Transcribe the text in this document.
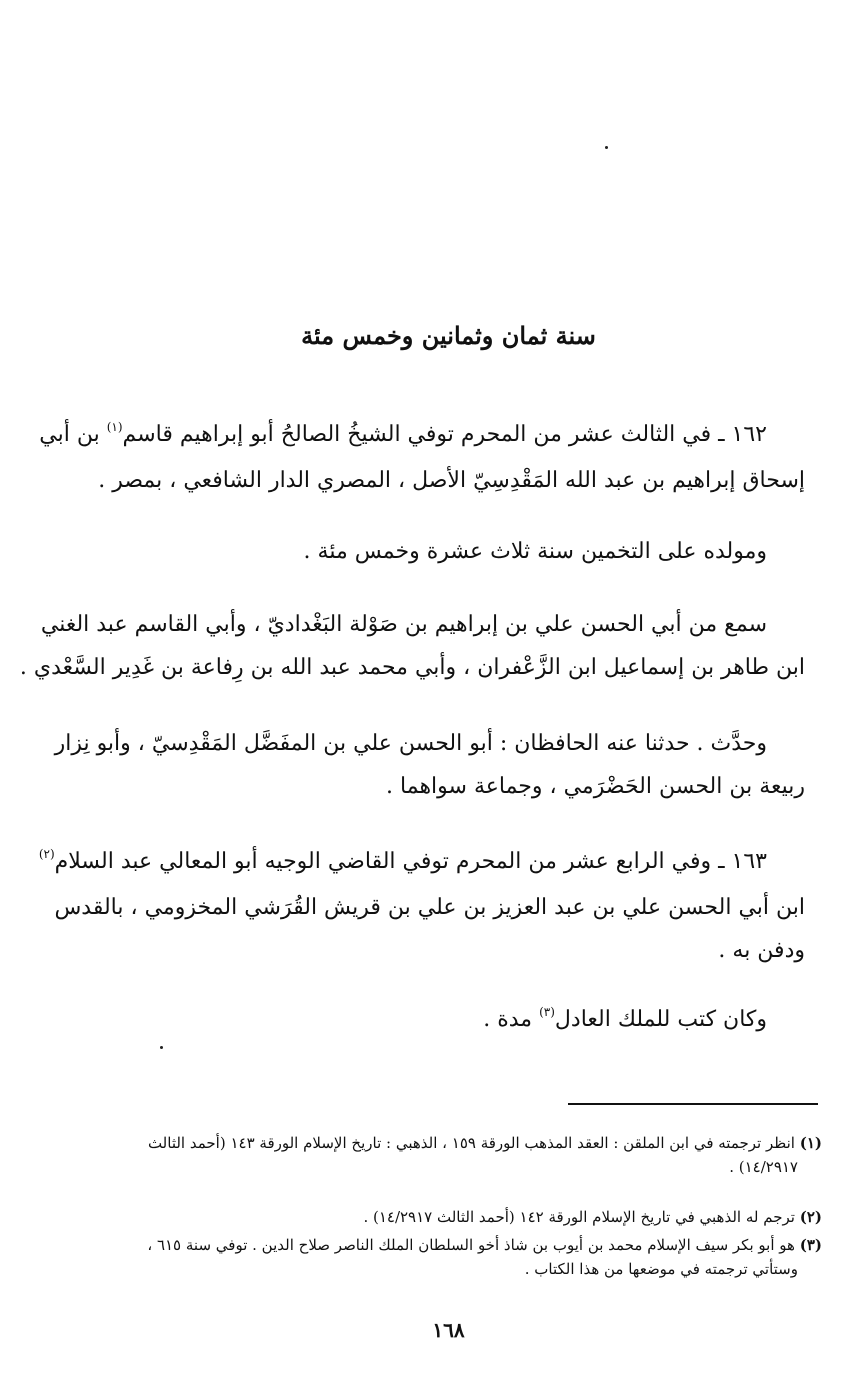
سنة ثمان وثمانين وخمس مئة
١٦٢ ـ في الثالث عشر من المحرم توفي الشيخُ الصالحُ أبو إبراهيم قاسم$^{(١)}$ بن أبي
إسحاق إبراهيم بن عبد الله المَقْدِسِيّ الأصل ، المصري الدار الشافعي ، بمصر .
ومولده على التخمين سنة ثلاث عشرة وخمس مئة .
سمع من أبي الحسن علي بن إبراهيم بن صَوْلة البَغْداديّ ، وأبي القاسم عبد الغني
ابن طاهر بن إسماعيل ابن الزَّعْفران ، وأبي محمد عبد الله بن رِفاعة بن غَدِير السَّعْدي .
وحدَّث . حدثنا عنه الحافظان : أبو الحسن علي بن المفَضَّل المَقْدِسيّ ، وأبو نِزار
ربيعة بن الحسن الحَضْرَمي ، وجماعة سواهما .
١٦٣ ـ وفي الرابع عشر من المحرم توفي القاضي الوجيه أبو المعالي عبد السلام$^{(٢)}$
ابن أبي الحسن علي بن عبد العزيز بن علي بن قريش القُرَشي المخزومي ، بالقدس
ودفن به .
وكان كتب للملك العادل$^{(٣)}$ مدة .
(١) انظر ترجمته في ابن الملقن : العقد المذهب الورقة ١٥٩ ، الذهبي : تاريخ الإسلام الورقة ١٤٣ (أحمد الثالث
١٤/٢٩١٧) .
(٢) ترجم له الذهبي في تاريخ الإسلام الورقة ١٤٢ (أحمد الثالث ١٤/٢٩١٧) .
(٣) هو أبو بكر سيف الإسلام محمد بن أيوب بن شاذ أخو السلطان الملك الناصر صلاح الدين . توفي سنة ٦١٥ ،
وستأتي ترجمته في موضعها من هذا الكتاب .
١٦٨
